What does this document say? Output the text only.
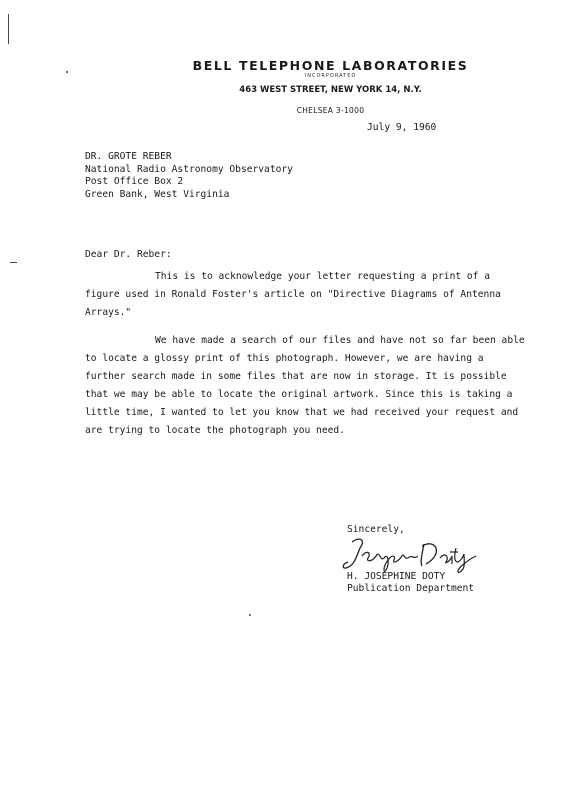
BELL TELEPHONE LABORATORIES
INCORPORATED
463 WEST STREET, NEW YORK 14, N.Y.
CHELSEA 3-1000
July 9, 1960
DR. GROTE REBER
National Radio Astronomy Observatory
Post Office Box 2
Green Bank, West Virginia
Dear Dr. Reber:

This is to acknowledge your letter requesting a print of a figure used in Ronald Foster's article on "Directive Diagrams of Antenna Arrays."

We have made a search of our files and have not so far been able to locate a glossy print of this photograph. However, we are having a further search made in some files that are now in storage. It is possible that we may be able to locate the original artwork. Since this is taking a little time, I wanted to let you know that we had received your request and are trying to locate the photograph you need.

Sincerely,
H. JOSEPHINE DOTY
Publication Department
